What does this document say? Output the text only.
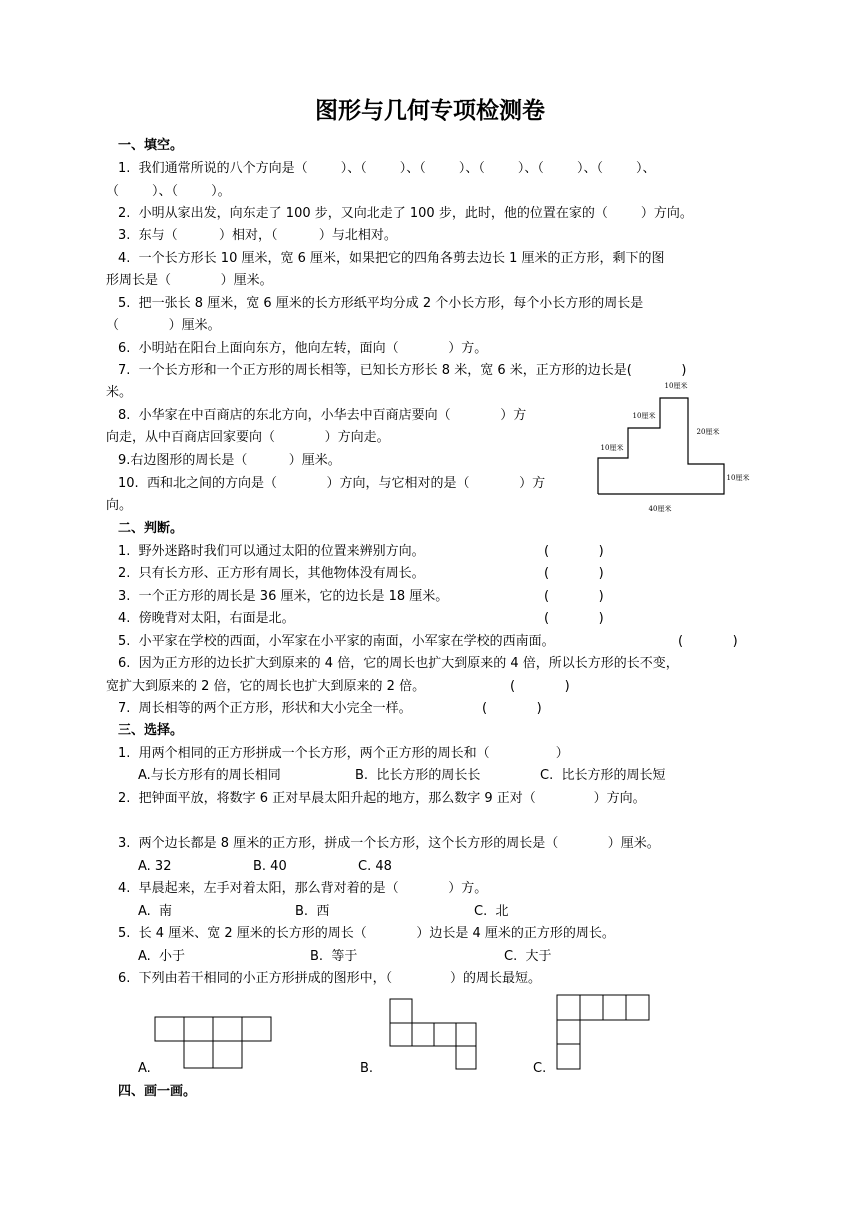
图形与几何专项检测卷
一、填空。
1.  我们通常所说的八个方向是（        ）、（        ）、（        ）、（        ）、（        ）、（        ）、
（        ）、（        ）。
2.  小明从家出发，向东走了 100 步，又向北走了 100 步，此时，他的位置在家的（        ）方向。
3.  东与（          ）相对，（          ）与北相对。
4.  一个长方形长 10 厘米，宽 6 厘米，如果把它的四角各剪去边长 1 厘米的正方形，剩下的图
形周长是（            ）厘米。
5.  把一张长 8 厘米，宽 6 厘米的长方形纸平均分成 2 个小长方形，每个小长方形的周长是
（            ）厘米。
6.  小明站在阳台上面向东方，他向左转，面向（            ）方。
7.  一个长方形和一个正方形的周长相等，已知长方形长 8 米，宽 6 米，正方形的边长是(            )
米。
8.  小华家在中百商店的东北方向，小华去中百商店要向（            ）方
向走，从中百商店回家要向（            ）方向走。
9.右边图形的周长是（          ）厘米。
10.  西和北之间的方向是（            ）方向，与它相对的是（            ）方
向。
10厘米
10厘米
20厘米
10厘米
10厘米
40厘米
二、判断。
1.  野外迷路时我们可以通过太阳的位置来辨别方向。	(            )
2.  只有长方形、正方形有周长，其他物体没有周长。	(            )
3.  一个正方形的周长是 36 厘米，它的边长是 18 厘米。	(            )
4.  傍晚背对太阳，右面是北。	(            )
5.  小平家在学校的西面，小军家在小平家的南面，小军家在学校的西南面。	(            )
6.  因为正方形的边长扩大到原来的 4 倍，它的周长也扩大到原来的 4 倍，所以长方形的长不变，
宽扩大到原来的 2 倍，它的周长也扩大到原来的 2 倍。	(            )
7.  周长相等的两个正方形，形状和大小完全一样。	(            )
三、选择。
1.  用两个相同的正方形拼成一个长方形，两个正方形的周长和（                ）
A.与长方形有的周长相同	B.  比长方形的周长长	C.  比长方形的周长短
2.  把钟面平放，将数字 6 正对早晨太阳升起的地方，那么数字 9 正对（              ）方向。
3.  两个边长都是 8 厘米的正方形，拼成一个长方形，这个长方形的周长是（            ）厘米。
A. 32	B. 40	C. 48
4.  早晨起来，左手对着太阳，那么背对着的是（            ）方。
A.  南	B.  西	C.  北
5.  长 4 厘米、宽 2 厘米的长方形的周长（            ）边长是 4 厘米的正方形的周长。
A.  小于	B.  等于	C.  大于
6.  下列由若干相同的小正方形拼成的图形中，（              ）的周长最短。
A.	B.	C.
四、画一画。
